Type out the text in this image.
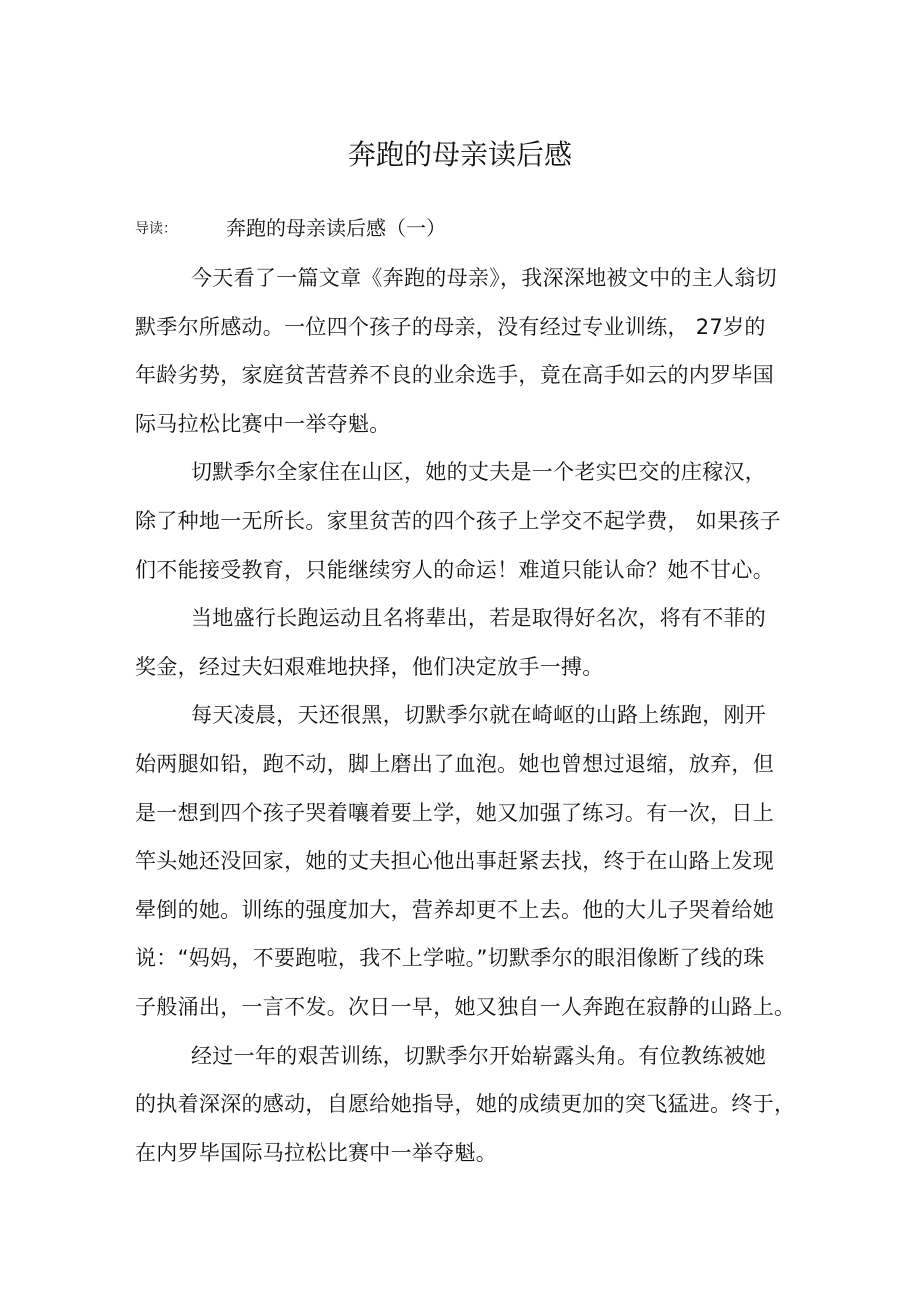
奔跑的母亲读后感
导读： 奔跑的母亲读后感（一）
今天看了一篇文章《奔跑的母亲》，我深深地被文中的主人翁切
默季尔所感动。一位四个孩子的母亲，没有经过专业训练， 27岁的
年龄劣势，家庭贫苦营养不良的业余选手，竟在高手如云的内罗毕国
际马拉松比赛中一举夺魁。
切默季尔全家住在山区，她的丈夫是一个老实巴交的庄稼汉，
除了种地一无所长。家里贫苦的四个孩子上学交不起学费， 如果孩子
们不能接受教育，只能继续穷人的命运！难道只能认命？她不甘心。
当地盛行长跑运动且名将辈出，若是取得好名次，将有不菲的
奖金，经过夫妇艰难地抉择，他们决定放手一搏。
每天凌晨，天还很黑，切默季尔就在崎岖的山路上练跑，刚开
始两腿如铅，跑不动，脚上磨出了血泡。她也曾想过退缩，放弃，但
是一想到四个孩子哭着嚷着要上学，她又加强了练习。有一次，日上
竿头她还没回家，她的丈夫担心他出事赶紧去找，终于在山路上发现
晕倒的她。训练的强度加大，营养却更不上去。他的大儿子哭着给她
说：“妈妈，不要跑啦，我不上学啦。”切默季尔的眼泪像断了线的珠
子般涌出，一言不发。次日一早，她又独自一人奔跑在寂静的山路上。
经过一年的艰苦训练，切默季尔开始崭露头角。有位教练被她
的执着深深的感动，自愿给她指导，她的成绩更加的突飞猛进。终于，
在内罗毕国际马拉松比赛中一举夺魁。
